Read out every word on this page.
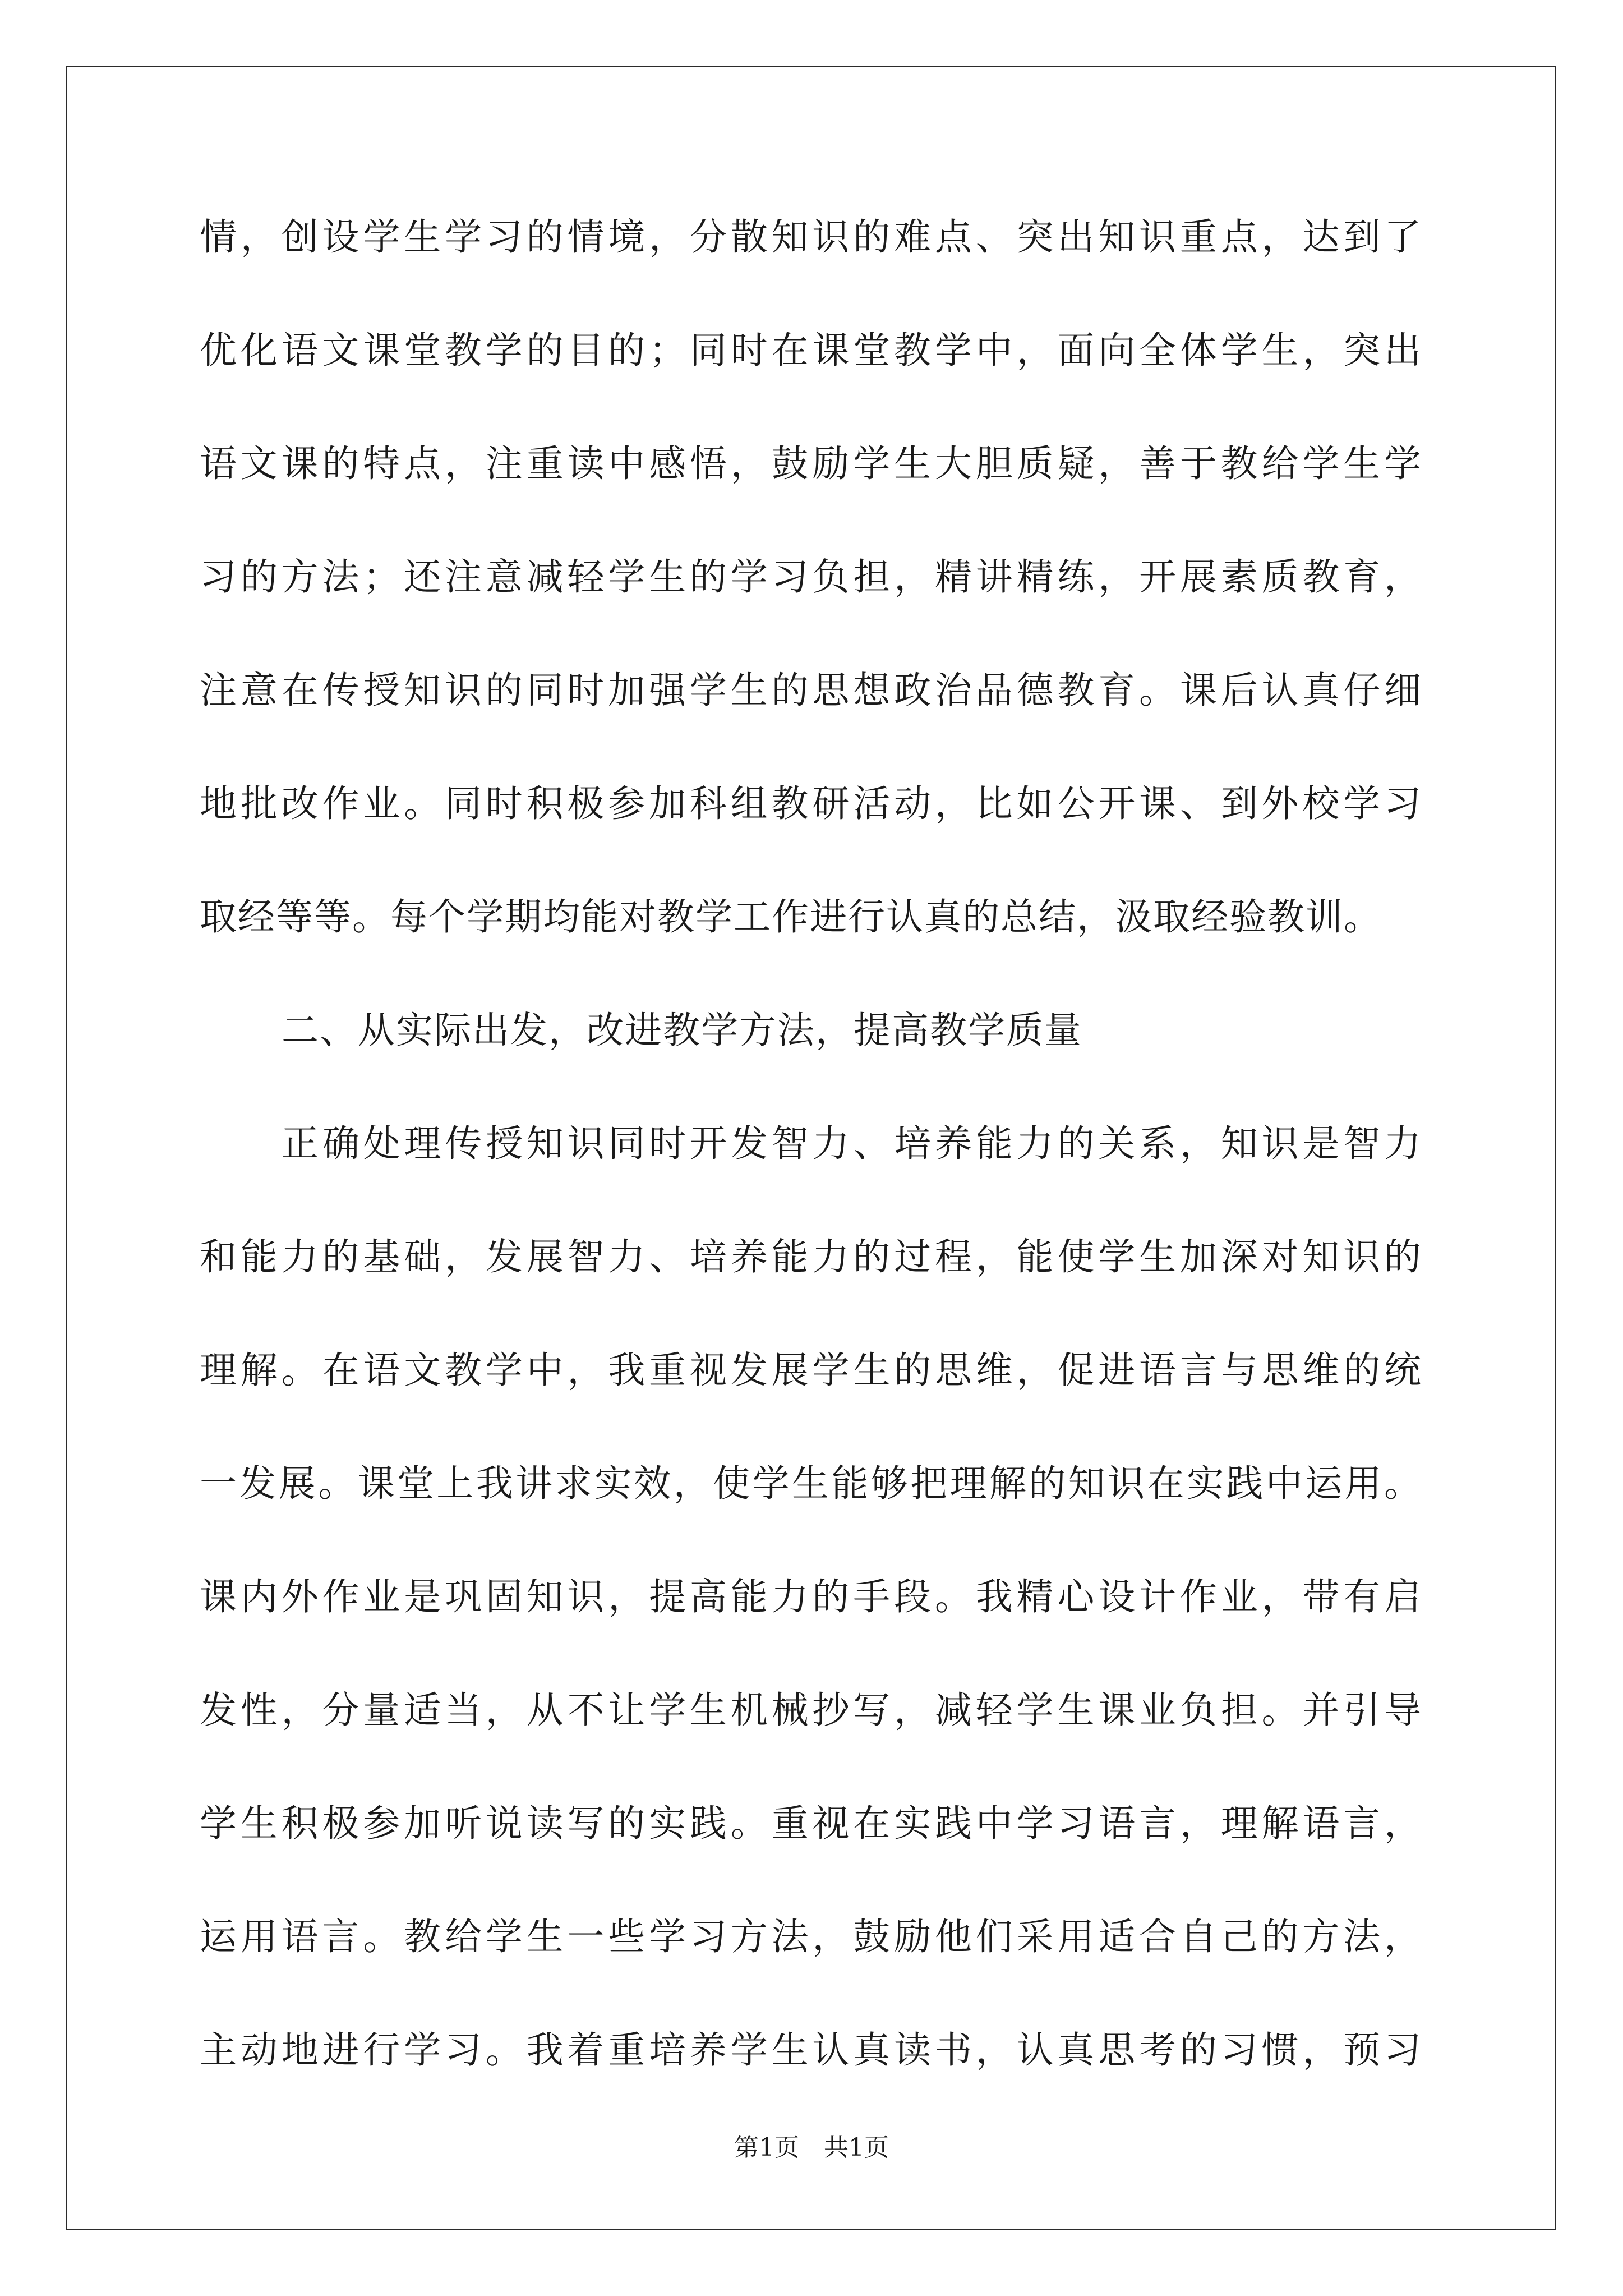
情，创设学生学习的情境，分散知识的难点、突出知识重点，达到了
优化语文课堂教学的目的；同时在课堂教学中，面向全体学生，突出
语文课的特点，注重读中感悟，鼓励学生大胆质疑，善于教给学生学
习的方法；还注意减轻学生的学习负担，精讲精练，开展素质教育，
注意在传授知识的同时加强学生的思想政治品德教育。课后认真仔细
地批改作业。同时积极参加科组教研活动，比如公开课、到外校学习
取经等等。每个学期均能对教学工作进行认真的总结，汲取经验教训。
二、从实际出发，改进教学方法，提高教学质量
正确处理传授知识同时开发智力、培养能力的关系，知识是智力
和能力的基础，发展智力、培养能力的过程，能使学生加深对知识的
理解。在语文教学中，我重视发展学生的思维，促进语言与思维的统
一发展。课堂上我讲求实效，使学生能够把理解的知识在实践中运用。
课内外作业是巩固知识，提高能力的手段。我精心设计作业，带有启
发性，分量适当，从不让学生机械抄写，减轻学生课业负担。并引导
学生积极参加听说读写的实践。重视在实践中学习语言，理解语言，
运用语言。教给学生一些学习方法，鼓励他们采用适合自己的方法，
主动地进行学习。我着重培养学生认真读书，认真思考的习惯，预习
第1页　共1页
